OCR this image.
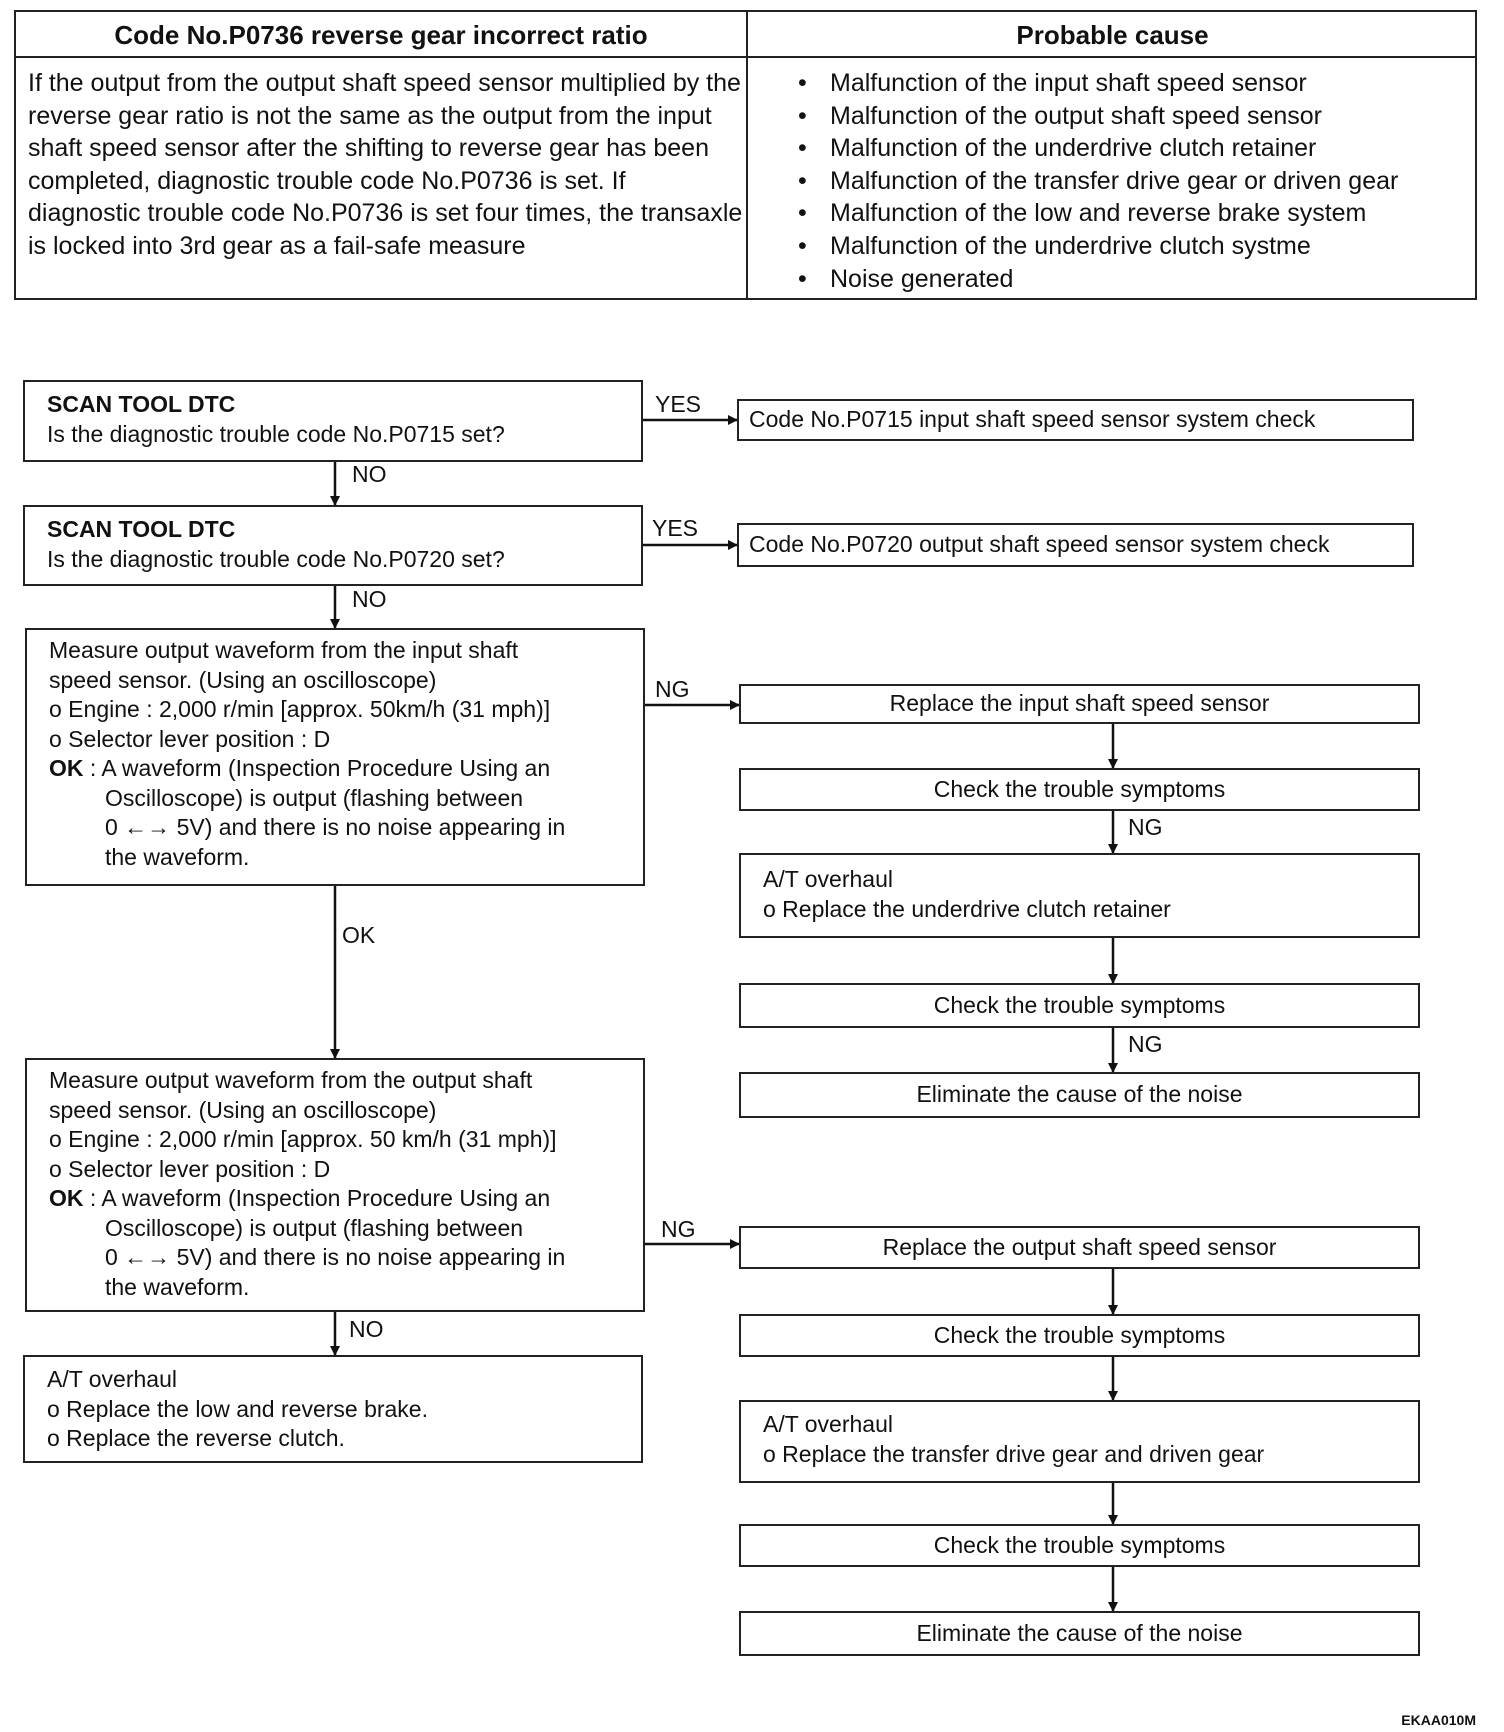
Code No.P0736 reverse gear incorrect ratio	Probable cause

If the output from the output shaft speed sensor multiplied by the reverse gear ratio is not the same as the output from the input shaft speed sensor after the shifting to reverse gear has been completed, diagnostic trouble code No.P0736 is set. If diagnostic trouble code No.P0736 is set four times, the transaxle is locked into 3rd gear as a fail-safe measure

• Malfunction of the input shaft speed sensor
• Malfunction of the output shaft speed sensor
• Malfunction of the underdrive clutch retainer
• Malfunction of the transfer drive gear or driven gear
• Malfunction of the low and reverse brake system
• Malfunction of the underdrive clutch systme
• Noise generated
SCAN TOOL DTC
Is the diagnostic trouble code No.P0715 set?
SCAN TOOL DTC
Is the diagnostic trouble code No.P0720 set?
Measure output waveform from the input shaft
speed sensor. (Using an oscilloscope)
o Engine : 2,000 r/min [approx. 50km/h (31 mph)]
o Selector lever position : D
OK : A waveform (Inspection Procedure Using an
Oscilloscope) is output (flashing between
0 ←→ 5V) and there is no noise appearing in
the waveform.
Measure output waveform from the output shaft
speed sensor. (Using an oscilloscope)
o Engine : 2,000 r/min [approx. 50 km/h (31 mph)]
o Selector lever position : D
OK : A waveform (Inspection Procedure Using an
Oscilloscope) is output (flashing between
0 ←→ 5V) and there is no noise appearing in
the waveform.
A/T overhaul
o Replace the low and reverse brake.
o Replace the reverse clutch.
Code No.P0715 input shaft speed sensor system check
Code No.P0720 output shaft speed sensor system check
Replace the input shaft speed sensor
Check the trouble symptoms
A/T overhaul
o Replace the underdrive clutch retainer
Check the trouble symptoms
Eliminate the cause of the noise
Replace the output shaft speed sensor
Check the trouble symptoms
A/T overhaul
o Replace the transfer drive gear and driven gear
Check the trouble symptoms
Eliminate the cause of the noise
YES
NO
YES
NO
NG
NG
OK
NG
NG
NO
EKAA010M
